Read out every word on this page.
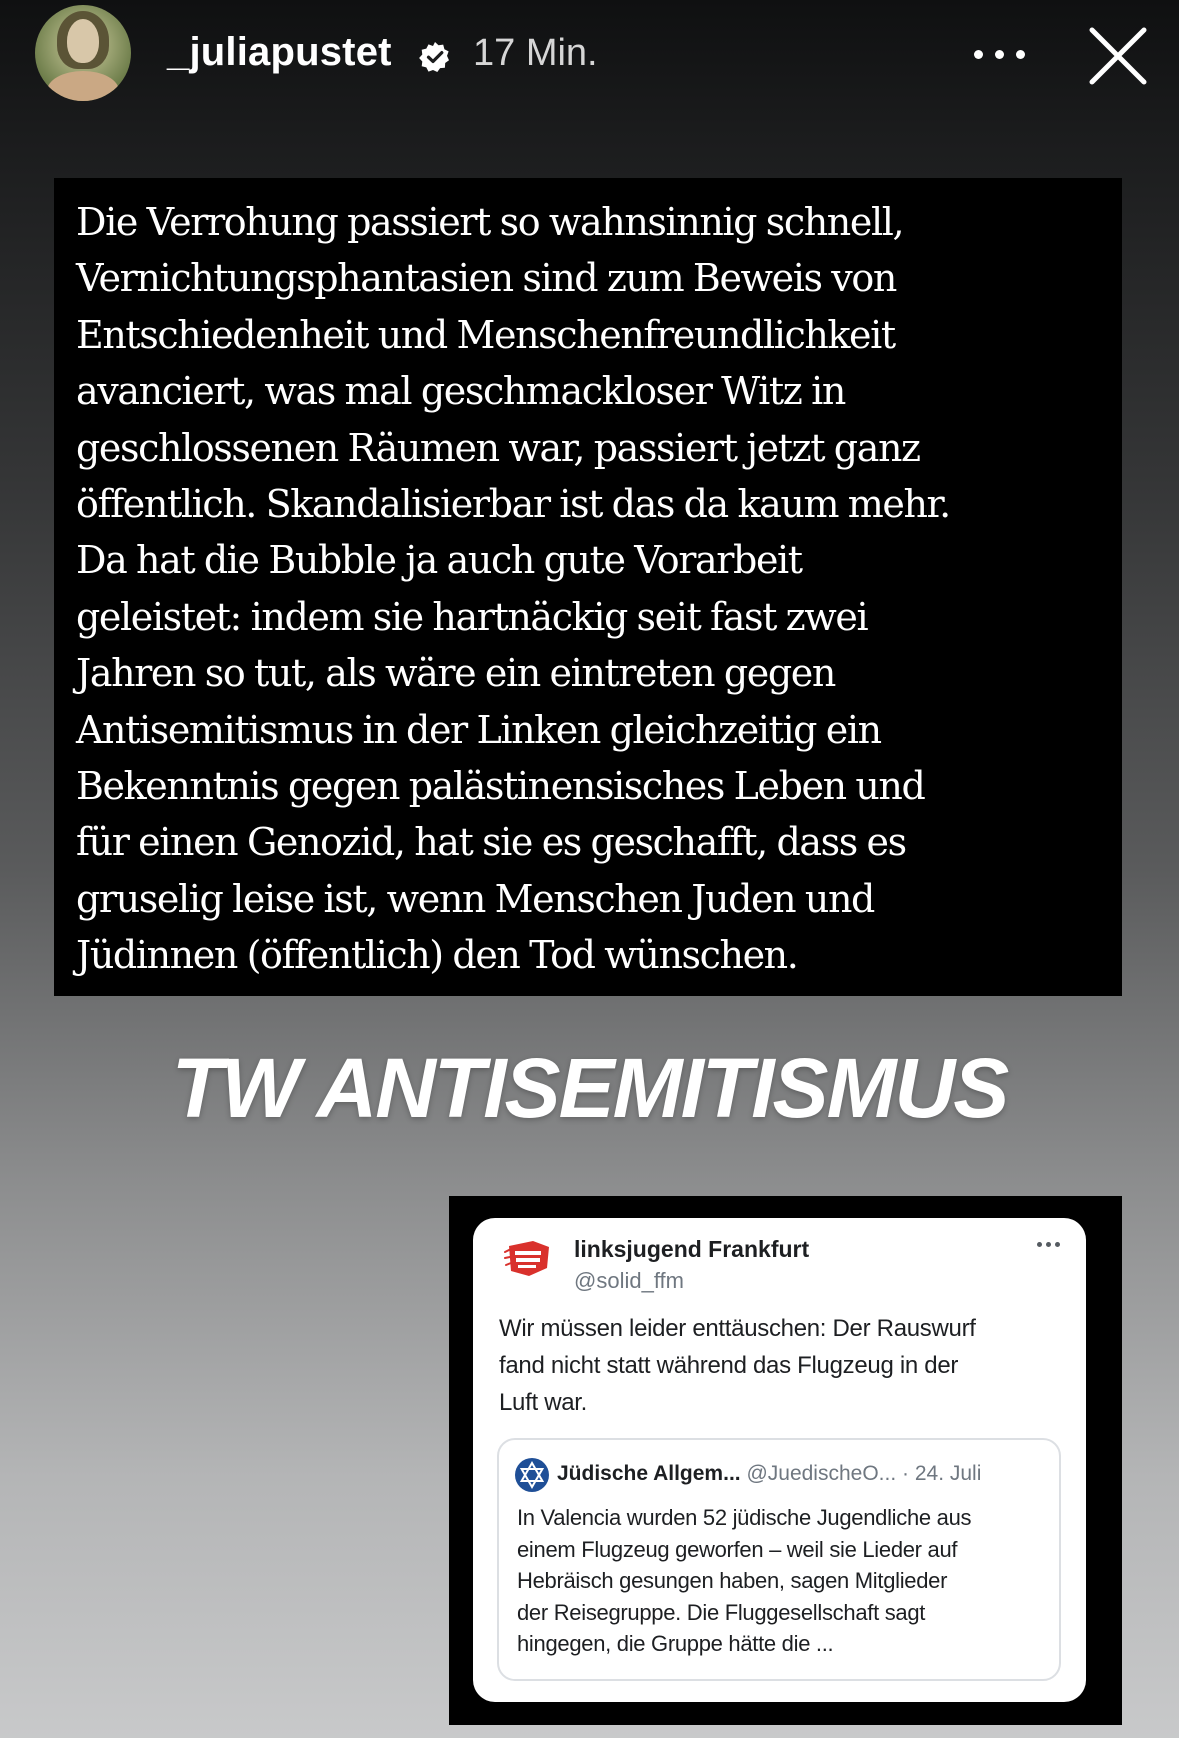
_juliapustet 17 Min.

Die Verrohung passiert so wahnsinnig schnell,
Vernichtungsphantasien sind zum Beweis von
Entschiedenheit und Menschenfreundlichkeit
avanciert, was mal geschmackloser Witz in
geschlossenen Räumen war, passiert jetzt ganz
öffentlich. Skandalisierbar ist das da kaum mehr.
Da hat die Bubble ja auch gute Vorarbeit
geleistet: indem sie hartnäckig seit fast zwei
Jahren so tut, als wäre ein eintreten gegen
Antisemitismus in der Linken gleichzeitig ein
Bekenntnis gegen palästinensisches Leben und
für einen Genozid, hat sie es geschafft, dass es
gruselig leise ist, wenn Menschen Juden und
Jüdinnen (öffentlich) den Tod wünschen.

TW ANTISEMITISMUS
linksjugend Frankfurt
@solid_ffm
Wir müssen leider enttäuschen: Der Rauswurf
fand nicht statt während das Flugzeug in der
Luft war.
Jüdische Allgem... @JuedischeO... · 24. Juli
In Valencia wurden 52 jüdische Jugendliche aus
einem Flugzeug geworfen – weil sie Lieder auf
Hebräisch gesungen haben, sagen Mitglieder
der Reisegruppe. Die Fluggesellschaft sagt
hingegen, die Gruppe hätte die ...
